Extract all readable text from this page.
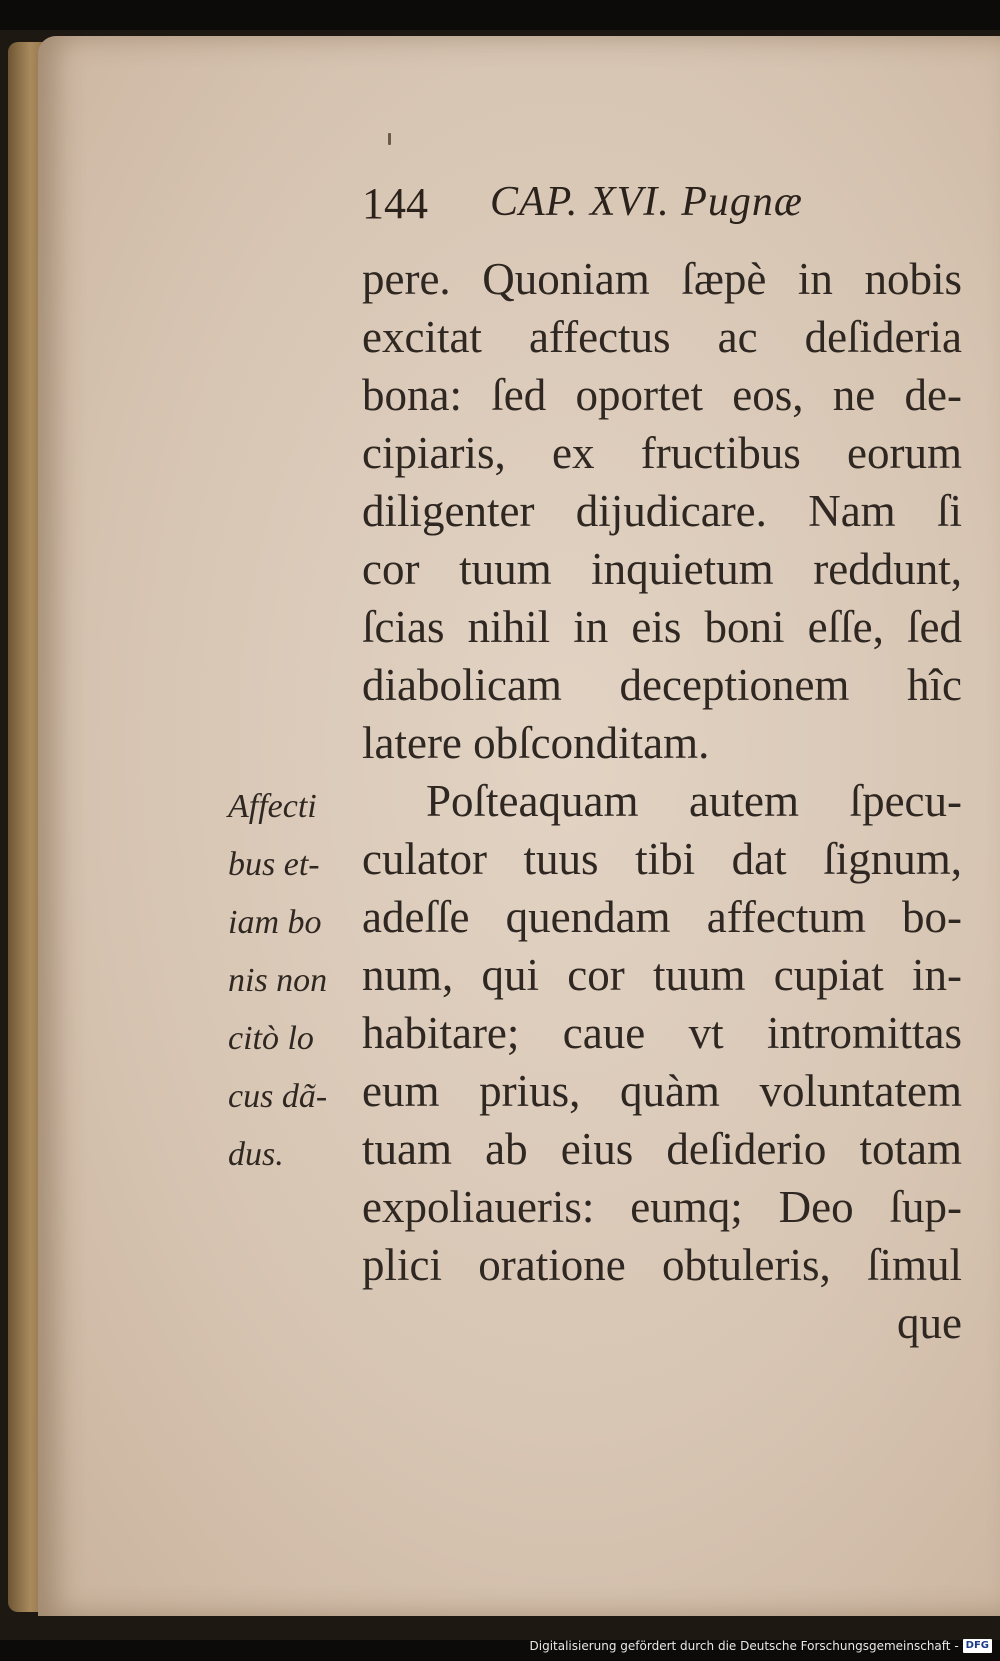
144 CAP. XVI. Pugnæ
pere. Quoniam ſæpè in nobis
excitat affectus ac deſideria
bona: ſed oportet eos, ne de-
cipiaris, ex fructibus eorum
diligenter dijudicare. Nam ſi
cor tuum inquietum reddunt,
ſcias nihil in eis boni eſſe, ſed
diabolicam deceptionem hîc
latere obſconditam.
Poſteaquam autem ſpecu-
culator tuus tibi dat ſignum,
adeſſe quendam affectum bo-
num, qui cor tuum cupiat in-
habitare; caue vt intromittas
eum prius, quàm voluntatem
tuam ab eius deſiderio totam
expoliaueris: eumq; Deo ſup-
plici oratione obtuleris, ſimul
que
Affecti
bus et-
iam bo
nis non
citò lo
cus dã-
dus.
Digitalisierung gefördert durch die Deutsche Forschungsgemeinschaft - DFG
